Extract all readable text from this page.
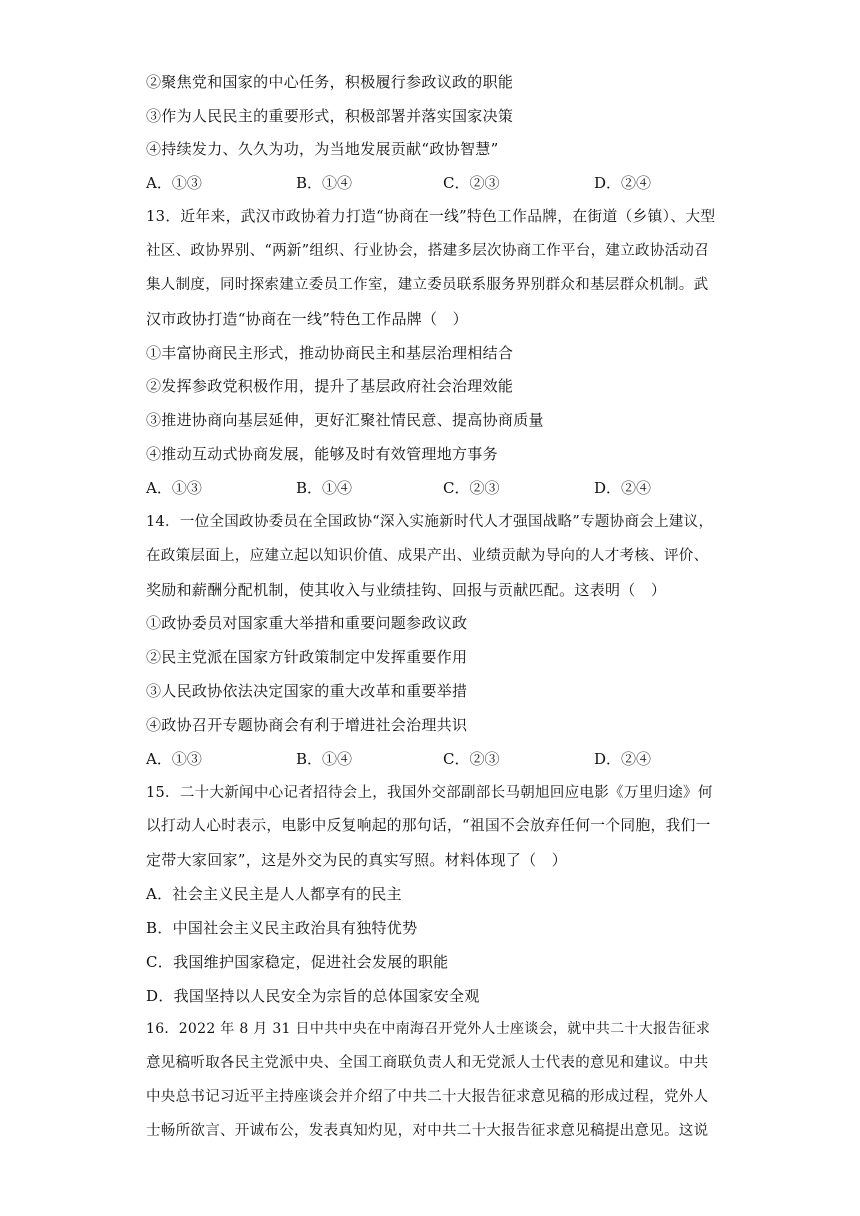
②聚焦党和国家的中心任务，积极履行参政议政的职能
③作为人民民主的重要形式，积极部署并落实国家决策
④持续发力、久久为功，为当地发展贡献“政协智慧”
A．①③	B．①④	C．②③	D．②④
13．近年来，武汉市政协着力打造“协商在一线”特色工作品牌，在街道（乡镇）、大型
社区、政协界别、“两新”组织、行业协会，搭建多层次协商工作平台，建立政协活动召
集人制度，同时探索建立委员工作室，建立委员联系服务界别群众和基层群众机制。武
汉市政协打造“协商在一线”特色工作品牌（　）
①丰富协商民主形式，推动协商民主和基层治理相结合
②发挥参政党积极作用，提升了基层政府社会治理效能
③推进协商向基层延伸，更好汇聚社情民意、提高协商质量
④推动互动式协商发展，能够及时有效管理地方事务
A．①③	B．①④	C．②③	D．②④
14．一位全国政协委员在全国政协“深入实施新时代人才强国战略”专题协商会上建议，
在政策层面上，应建立起以知识价值、成果产出、业绩贡献为导向的人才考核、评价、
奖励和薪酬分配机制，使其收入与业绩挂钩、回报与贡献匹配。这表明（　）
①政协委员对国家重大举措和重要问题参政议政
②民主党派在国家方针政策制定中发挥重要作用
③人民政协依法决定国家的重大改革和重要举措
④政协召开专题协商会有利于增进社会治理共识
A．①③	B．①④	C．②③	D．②④
15．二十大新闻中心记者招待会上，我国外交部副部长马朝旭回应电影《万里归途》何
以打动人心时表示，电影中反复响起的那句话，“祖国不会放弃任何一个同胞，我们一
定带大家回家”，这是外交为民的真实写照。材料体现了（　）
A．社会主义民主是人人都享有的民主
B．中国社会主义民主政治具有独特优势
C．我国维护国家稳定，促进社会发展的职能
D．我国坚持以人民安全为宗旨的总体国家安全观
16．2022 年 8 月 31 日中共中央在中南海召开党外人士座谈会，就中共二十大报告征求
意见稿听取各民主党派中央、全国工商联负责人和无党派人士代表的意见和建议。中共
中央总书记习近平主持座谈会并介绍了中共二十大报告征求意见稿的形成过程，党外人
士畅所欲言、开诚布公，发表真知灼见，对中共二十大报告征求意见稿提出意见。这说
